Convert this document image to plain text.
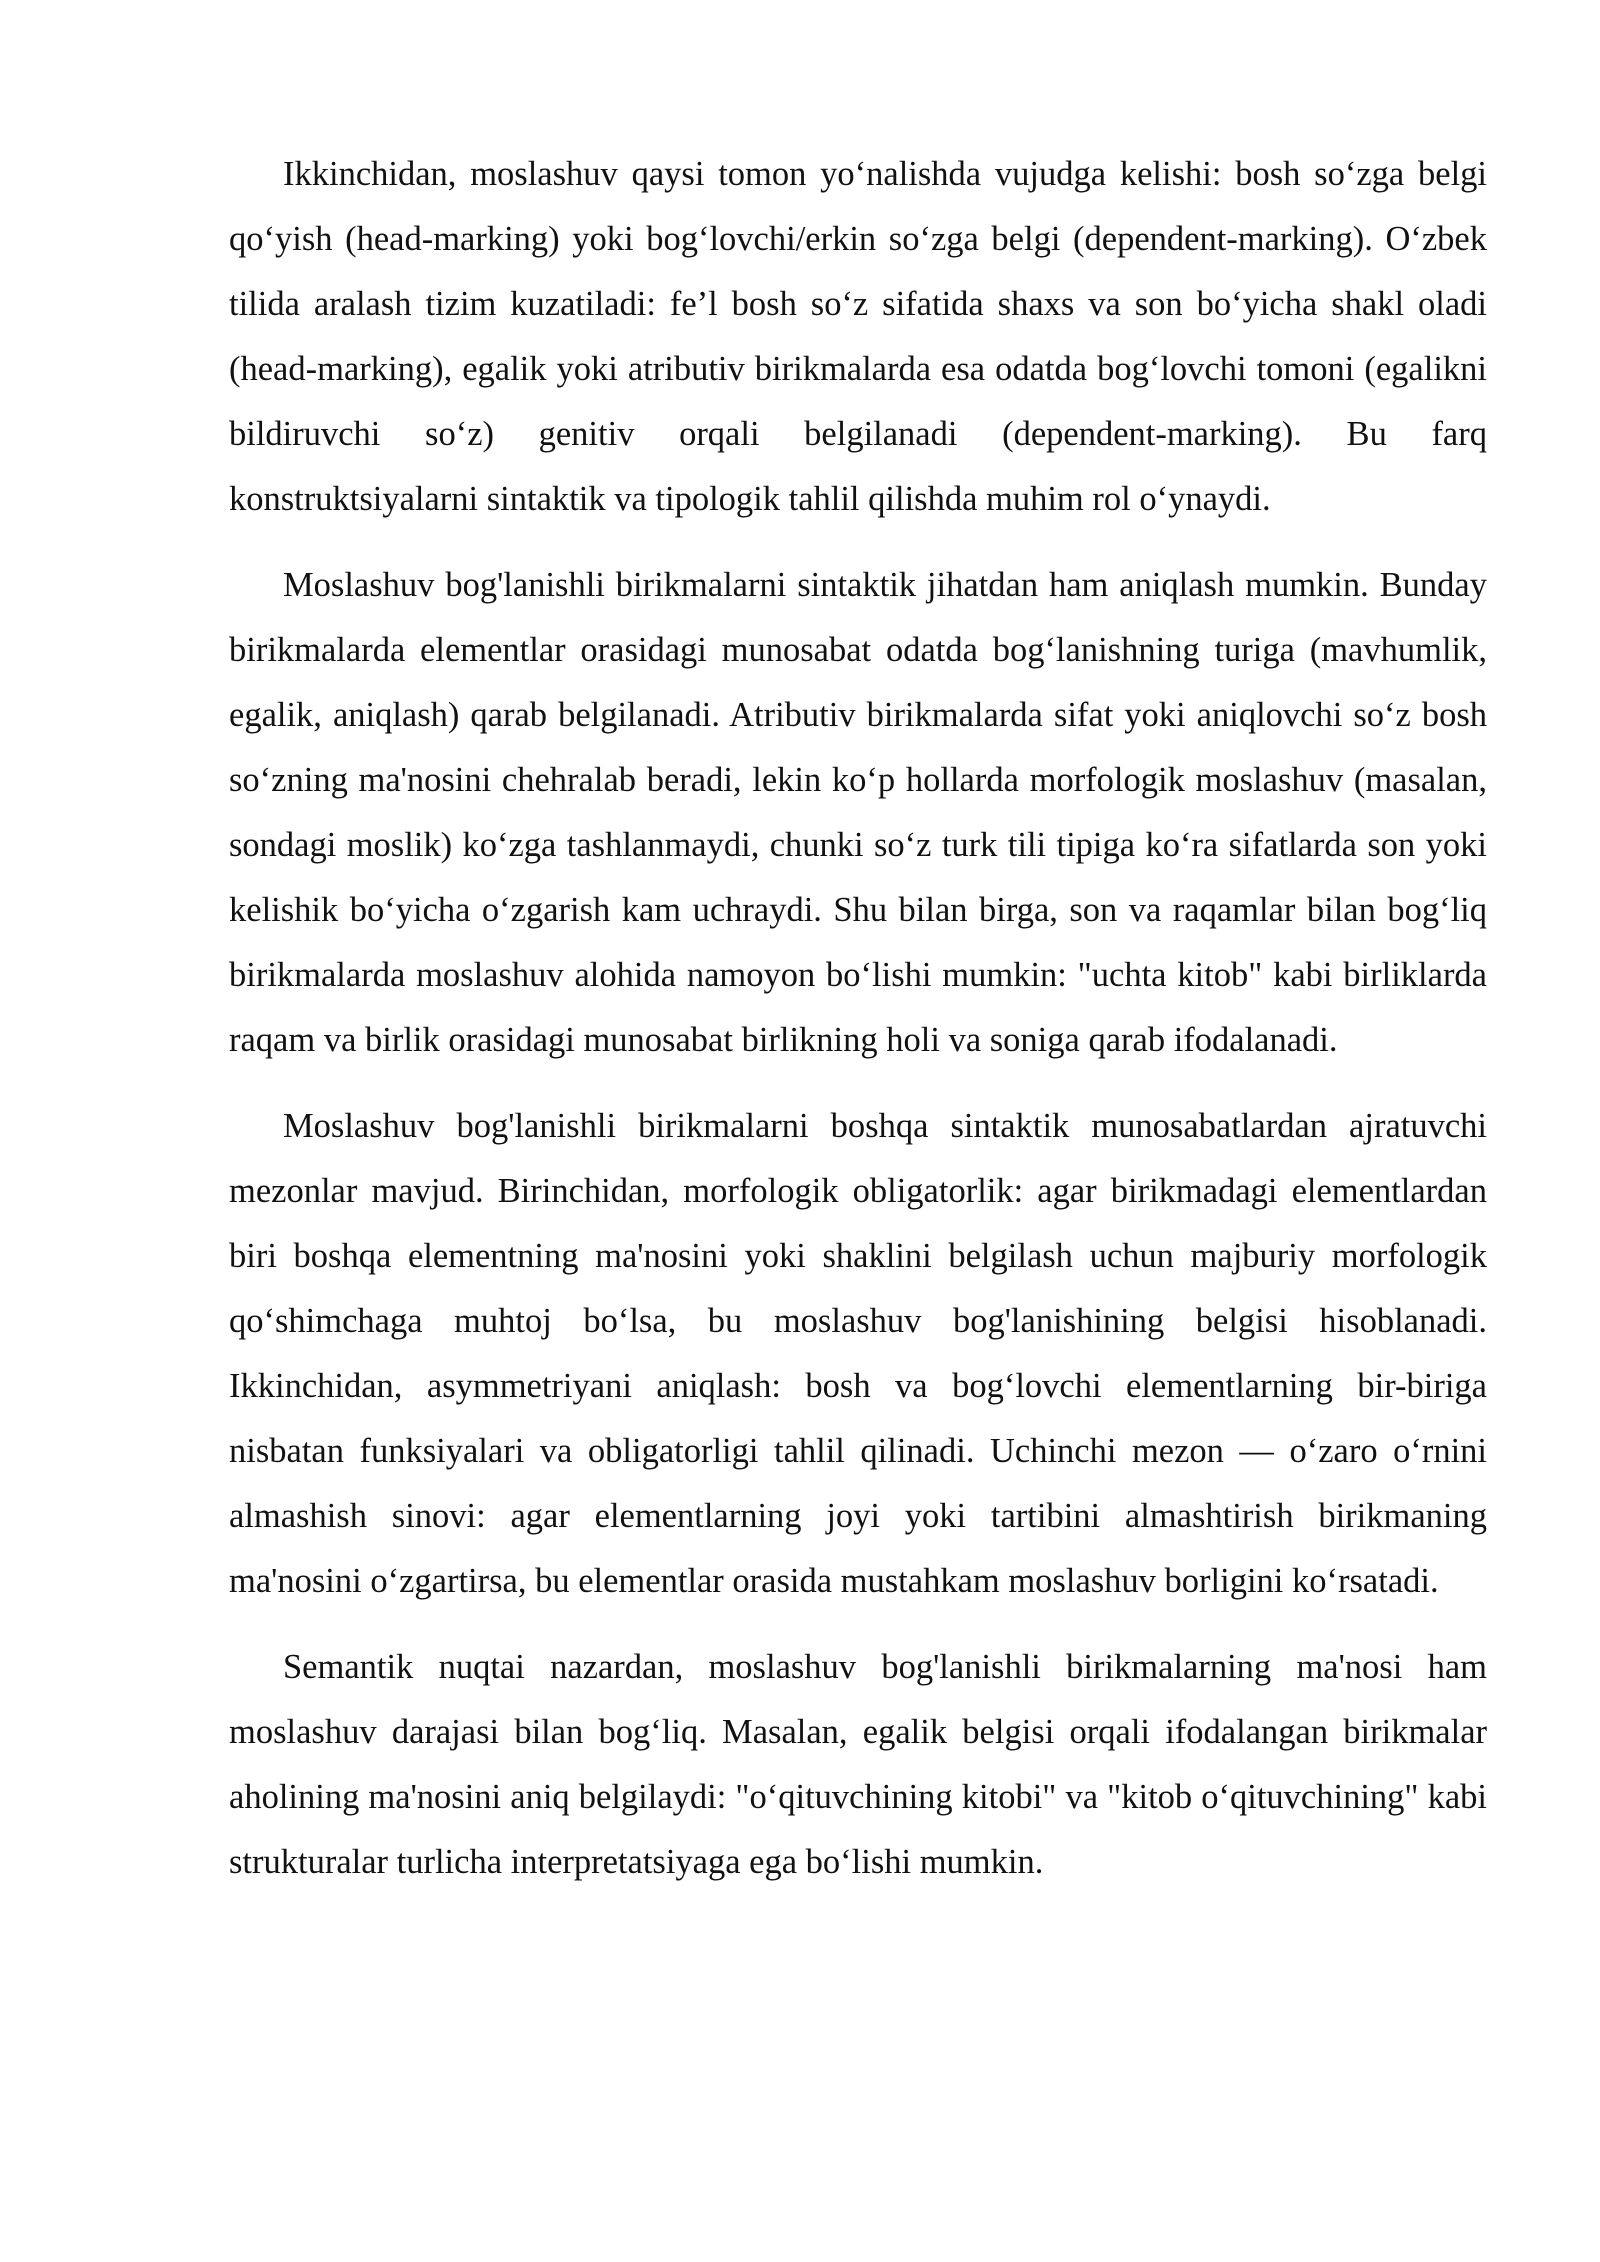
Ikkinchidan, moslashuv qaysi tomon yo‘nalishda vujudga kelishi: bosh so‘zga belgi qo‘yish (head-marking) yoki bog‘lovchi/erkin so‘zga belgi (dependent-marking). O‘zbek tilida aralash tizim kuzatiladi: fe’l bosh so‘z sifatida shaxs va son bo‘yicha shakl oladi (head-marking), egalik yoki atributiv birikmalarda esa odatda bog‘lovchi tomoni (egalikni bildiruvchi so‘z) genitiv orqali belgilanadi (dependent-marking). Bu farq konstruktsiyalarni sintaktik va tipologik tahlil qilishda muhim rol o‘ynaydi.

Moslashuv bog'lanishli birikmalarni sintaktik jihatdan ham aniqlash mumkin. Bunday birikmalarda elementlar orasidagi munosabat odatda bog‘lanishning turiga (mavhumlik, egalik, aniqlash) qarab belgilanadi. Atributiv birikmalarda sifat yoki aniqlovchi so‘z bosh so‘zning ma'nosini chehralab beradi, lekin ko‘p hollarda morfologik moslashuv (masalan, sondagi moslik) ko‘zga tashlanmaydi, chunki so‘z turk tili tipiga ko‘ra sifatlarda son yoki kelishik bo‘yicha o‘zgarish kam uchraydi. Shu bilan birga, son va raqamlar bilan bog‘liq birikmalarda moslashuv alohida namoyon bo‘lishi mumkin: "uchta kitob" kabi birliklarda raqam va birlik orasidagi munosabat birlikning holi va soniga qarab ifodalanadi.

Moslashuv bog'lanishli birikmalarni boshqa sintaktik munosabatlardan ajratuvchi mezonlar mavjud. Birinchidan, morfologik obligatorlik: agar birikmadagi elementlardan biri boshqa elementning ma'nosini yoki shaklini belgilash uchun majburiy morfologik qo‘shimchaga muhtoj bo‘lsa, bu moslashuv bog'lanishining belgisi hisoblanadi. Ikkinchidan, asymmetriyani aniqlash: bosh va bog‘lovchi elementlarning bir-biriga nisbatan funksiyalari va obligatorligi tahlil qilinadi. Uchinchi mezon — o‘zaro o‘rnini almashish sinovi: agar elementlarning joyi yoki tartibini almashtirish birikmaning ma'nosini o‘zgartirsa, bu elementlar orasida mustahkam moslashuv borligini ko‘rsatadi.

Semantik nuqtai nazardan, moslashuv bog'lanishli birikmalarning ma'nosi ham moslashuv darajasi bilan bog‘liq. Masalan, egalik belgisi orqali ifodalangan birikmalar aholining ma'nosini aniq belgilaydi: "o‘qituvchining kitobi" va "kitob o‘qituvchining" kabi strukturalar turlicha interpretatsiyaga ega bo‘lishi mumkin.
